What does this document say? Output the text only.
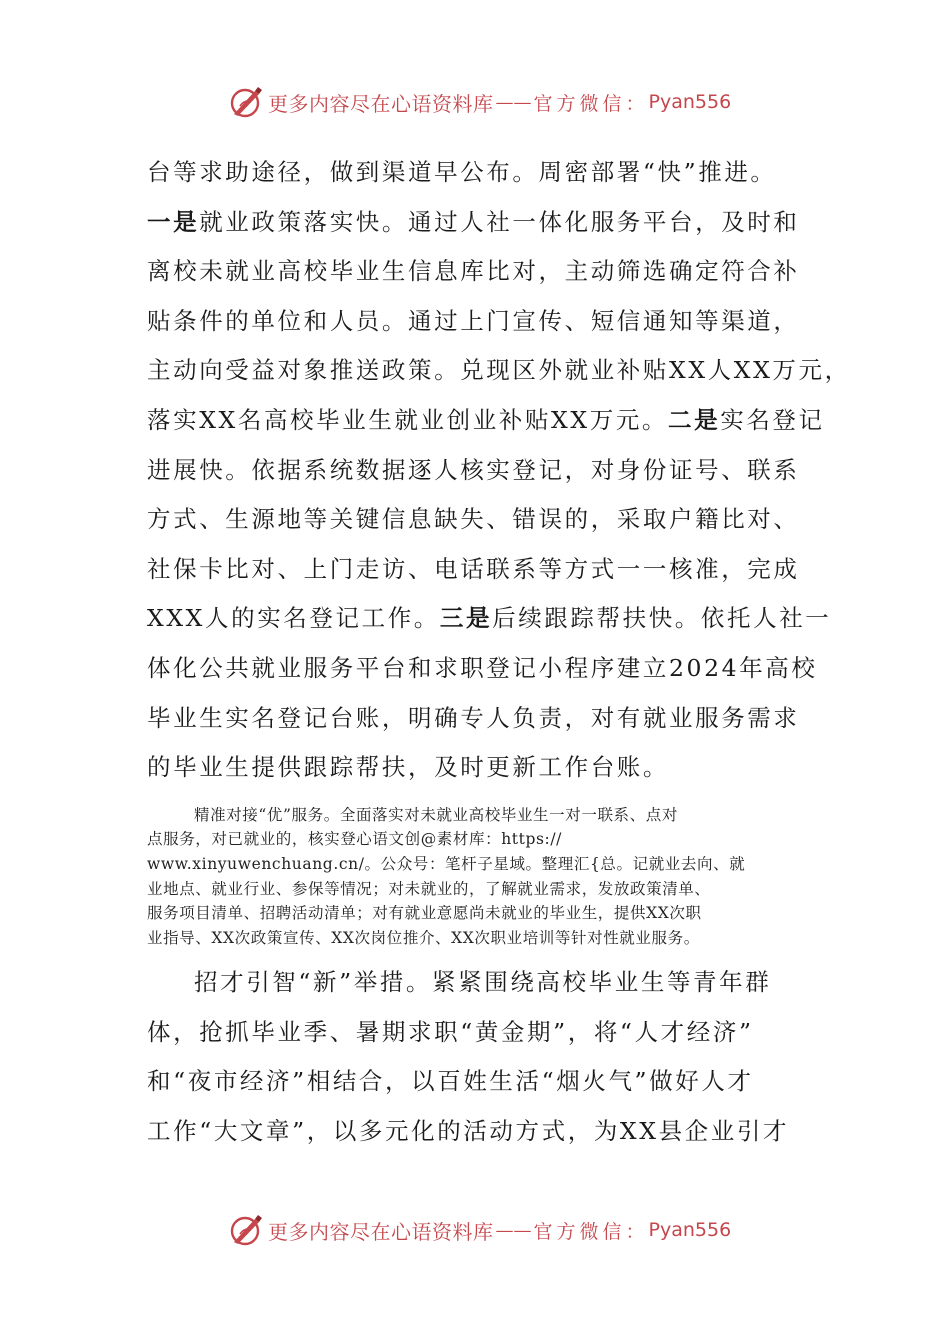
更多内容尽在心语资料库 —— 官方微信： Pyan556

台等求助途径，做到渠道早公布。周密部署“快”推进。
一是就业政策落实快。通过人社一体化服务平台，及时和
离校未就业高校毕业生信息库比对，主动筛选确定符合补
贴条件的单位和人员。通过上门宣传、短信通知等渠道，
主动向受益对象推送政策。兑现区外就业补贴XX人XX万元，
落实XX名高校毕业生就业创业补贴XX万元。二是实名登记
进展快。依据系统数据逐人核实登记，对身份证号、联系
方式、生源地等关键信息缺失、错误的，采取户籍比对、
社保卡比对、上门走访、电话联系等方式一一核准，完成
XXX人的实名登记工作。三是后续跟踪帮扶快。依托人社一
体化公共就业服务平台和求职登记小程序建立2024年高校
毕业生实名登记台账，明确专人负责，对有就业服务需求
的毕业生提供跟踪帮扶，及时更新工作台账。

精准对接“优”服务。全面落实对未就业高校毕业生一对一联系、点对
点服务，对已就业的，核实登心语文创@素材库：https://
www.xinyuwenchuang.cn/。公众号：笔杆子星域。整理汇{总。记就业去向、就
业地点、就业行业、参保等情况；对未就业的，了解就业需求，发放政策清单、
服务项目清单、招聘活动清单；对有就业意愿尚未就业的毕业生，提供XX次职
业指导、XX次政策宣传、XX次岗位推介、XX次职业培训等针对性就业服务。

招才引智“新”举措。紧紧围绕高校毕业生等青年群
体，抢抓毕业季、暑期求职“黄金期”，将“人才经济”
和“夜市经济”相结合，以百姓生活“烟火气”做好人才
工作“大文章”，以多元化的活动方式，为XX县企业引才

更多内容尽在心语资料库 —— 官方微信： Pyan556
